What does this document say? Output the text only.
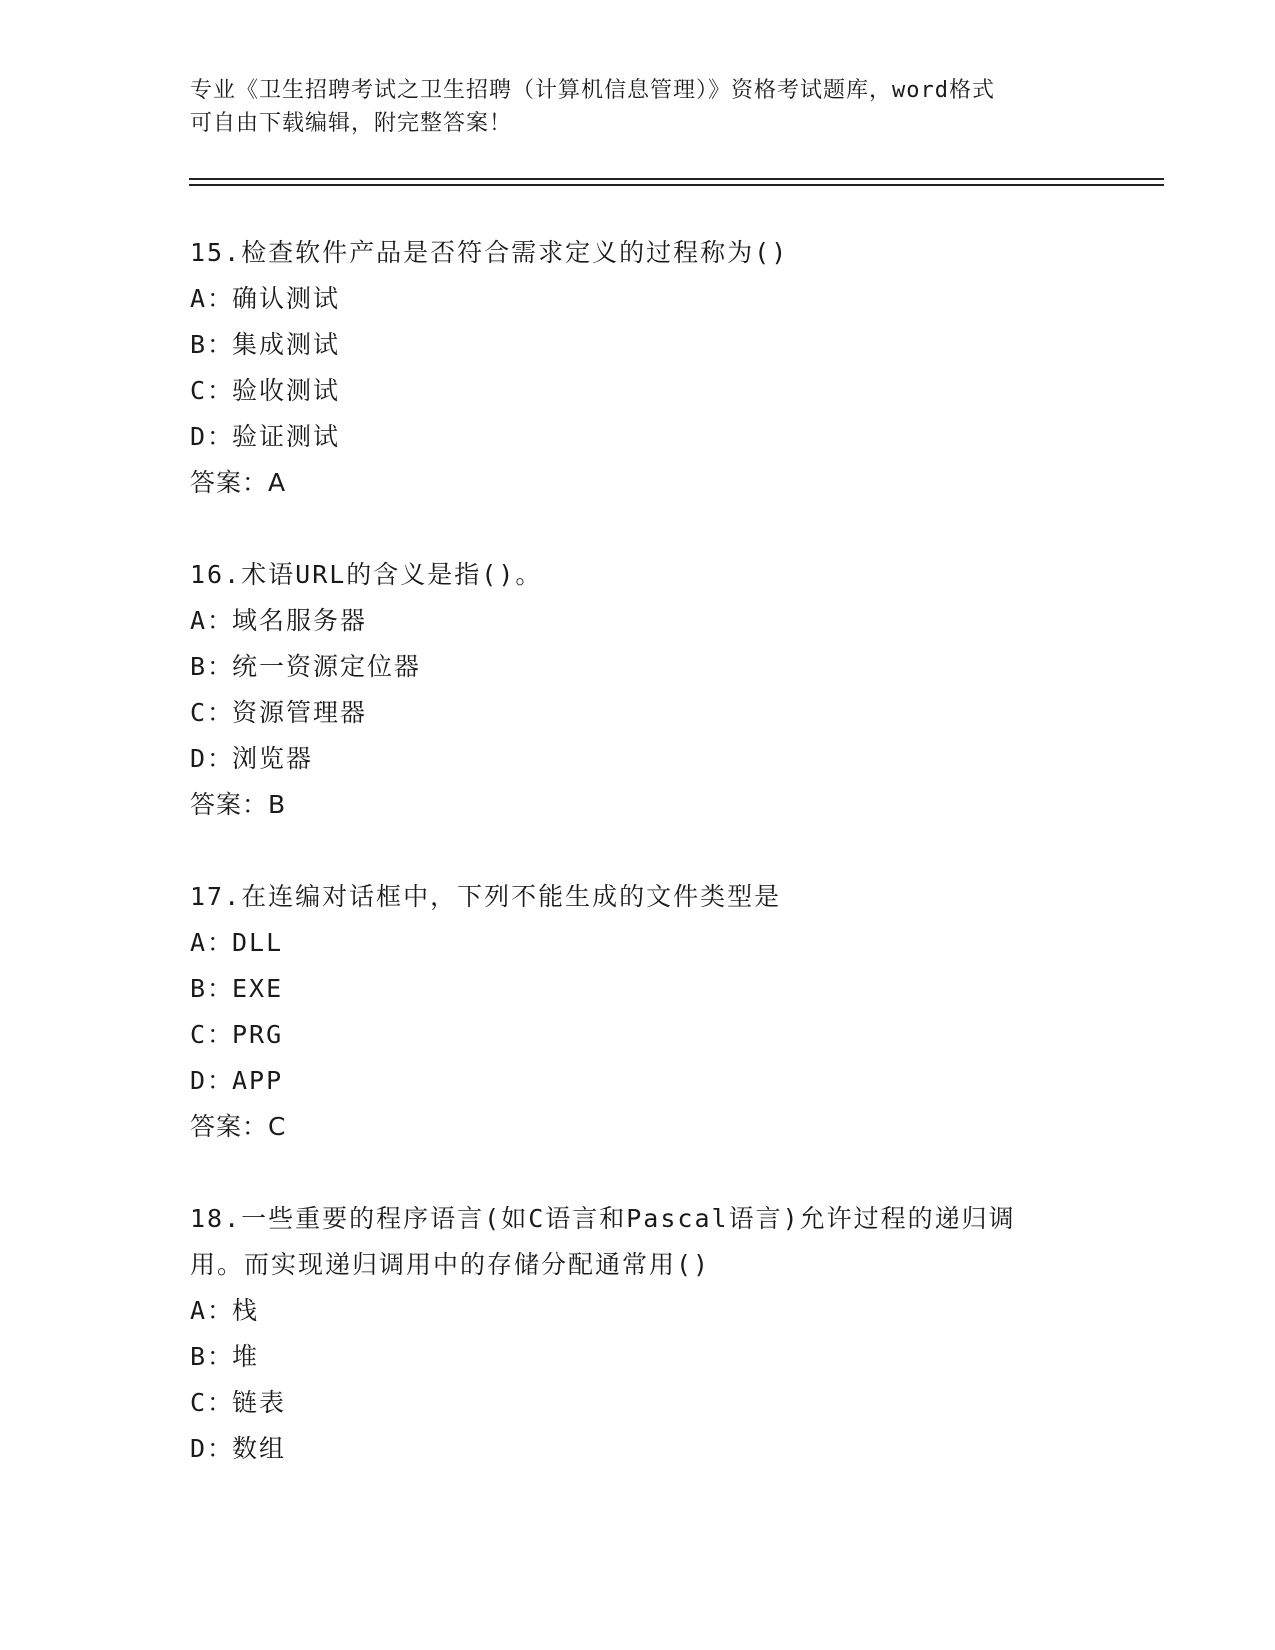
专业《卫生招聘考试之卫生招聘（计算机信息管理）》资格考试题库，word格式
可自由下载编辑，附完整答案！
15.检查软件产品是否符合需求定义的过程称为()
A：确认测试
B：集成测试
C：验收测试
D：验证测试
答案：A
16.术语URL的含义是指()。
A：域名服务器
B：统一资源定位器
C：资源管理器
D：浏览器
答案：B
17.在连编对话框中，下列不能生成的文件类型是
A：DLL
B：EXE
C：PRG
D：APP
答案：C
18.一些重要的程序语言(如C语言和Pascal语言)允许过程的递归调
用。而实现递归调用中的存储分配通常用()
A：栈
B：堆
C：链表
D：数组
